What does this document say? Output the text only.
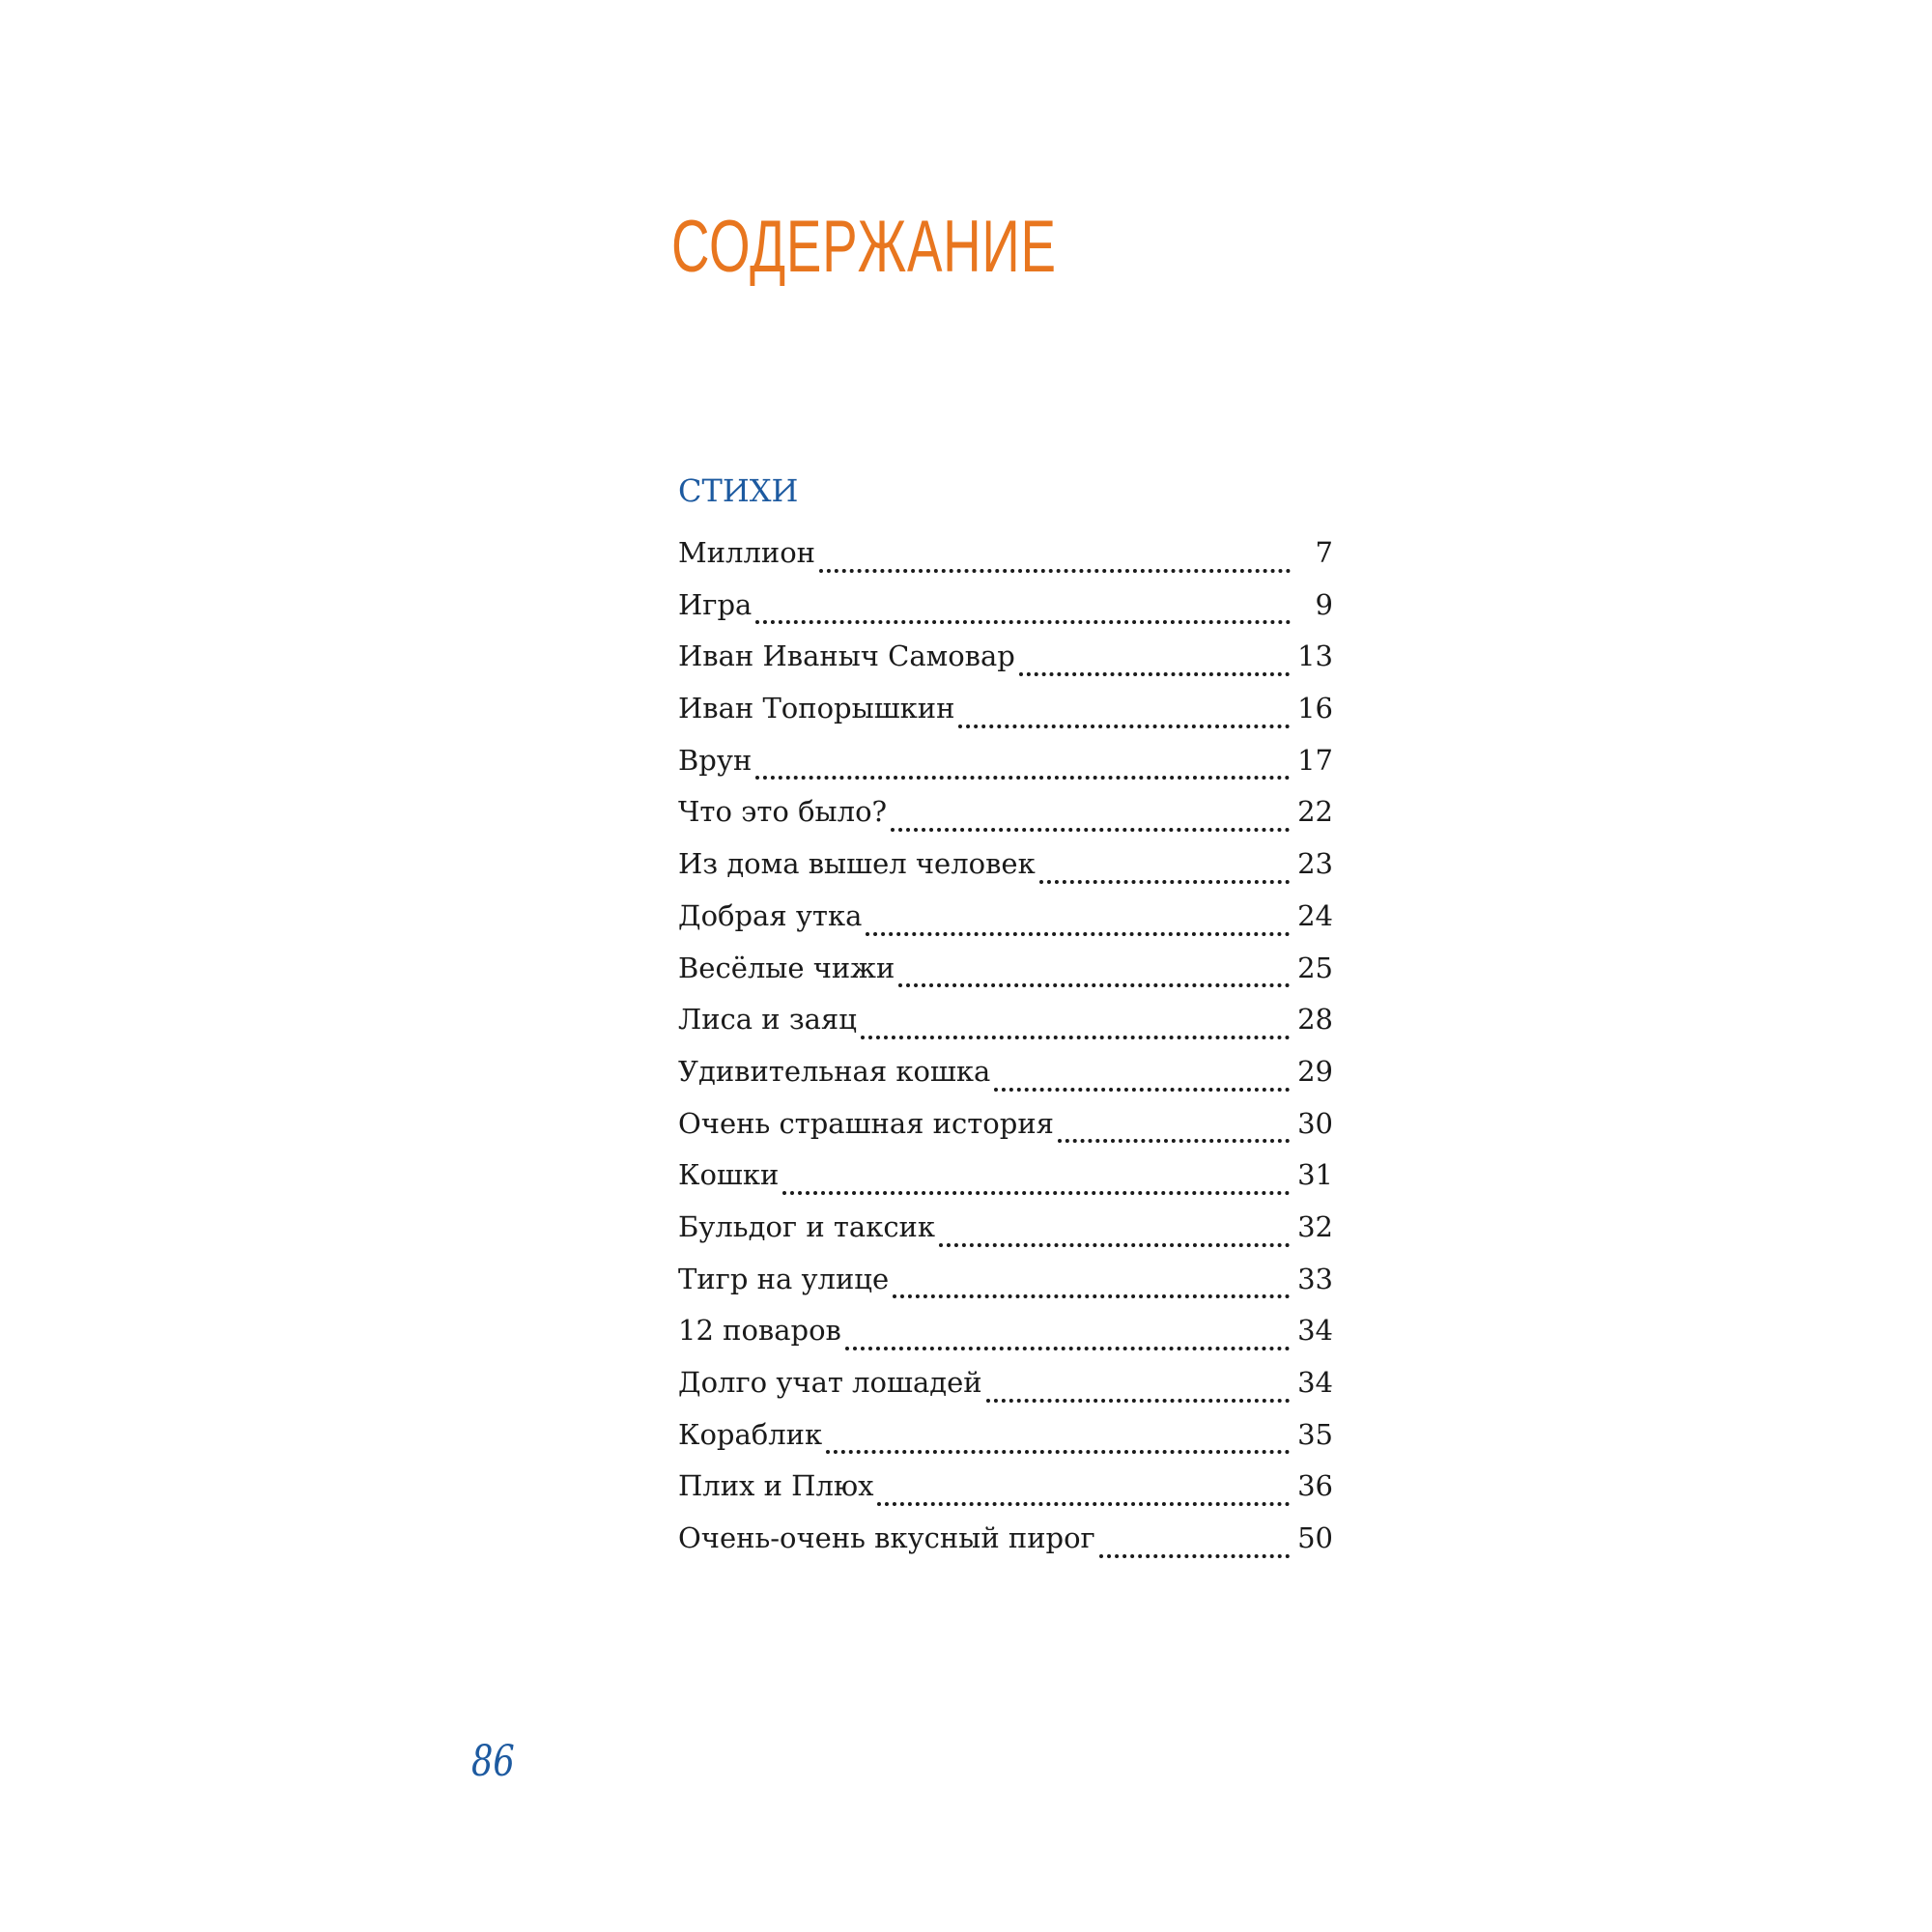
СОДЕРЖАНИЕ
СТИХИ
Миллион	7
Игра	9
Иван Иваныч Самовар	13
Иван Топорышкин	16
Врун	17
Что это было?	22
Из дома вышел человек	23
Добрая утка	24
Весёлые чижи	25
Лиса и заяц	28
Удивительная кошка	29
Очень страшная история	30
Кошки	31
Бульдог и таксик	32
Тигр на улице	33
12 поваров	34
Долго учат лошадей	34
Кораблик	35
Плих и Плюх	36
Очень-очень вкусный пирог	50
86
